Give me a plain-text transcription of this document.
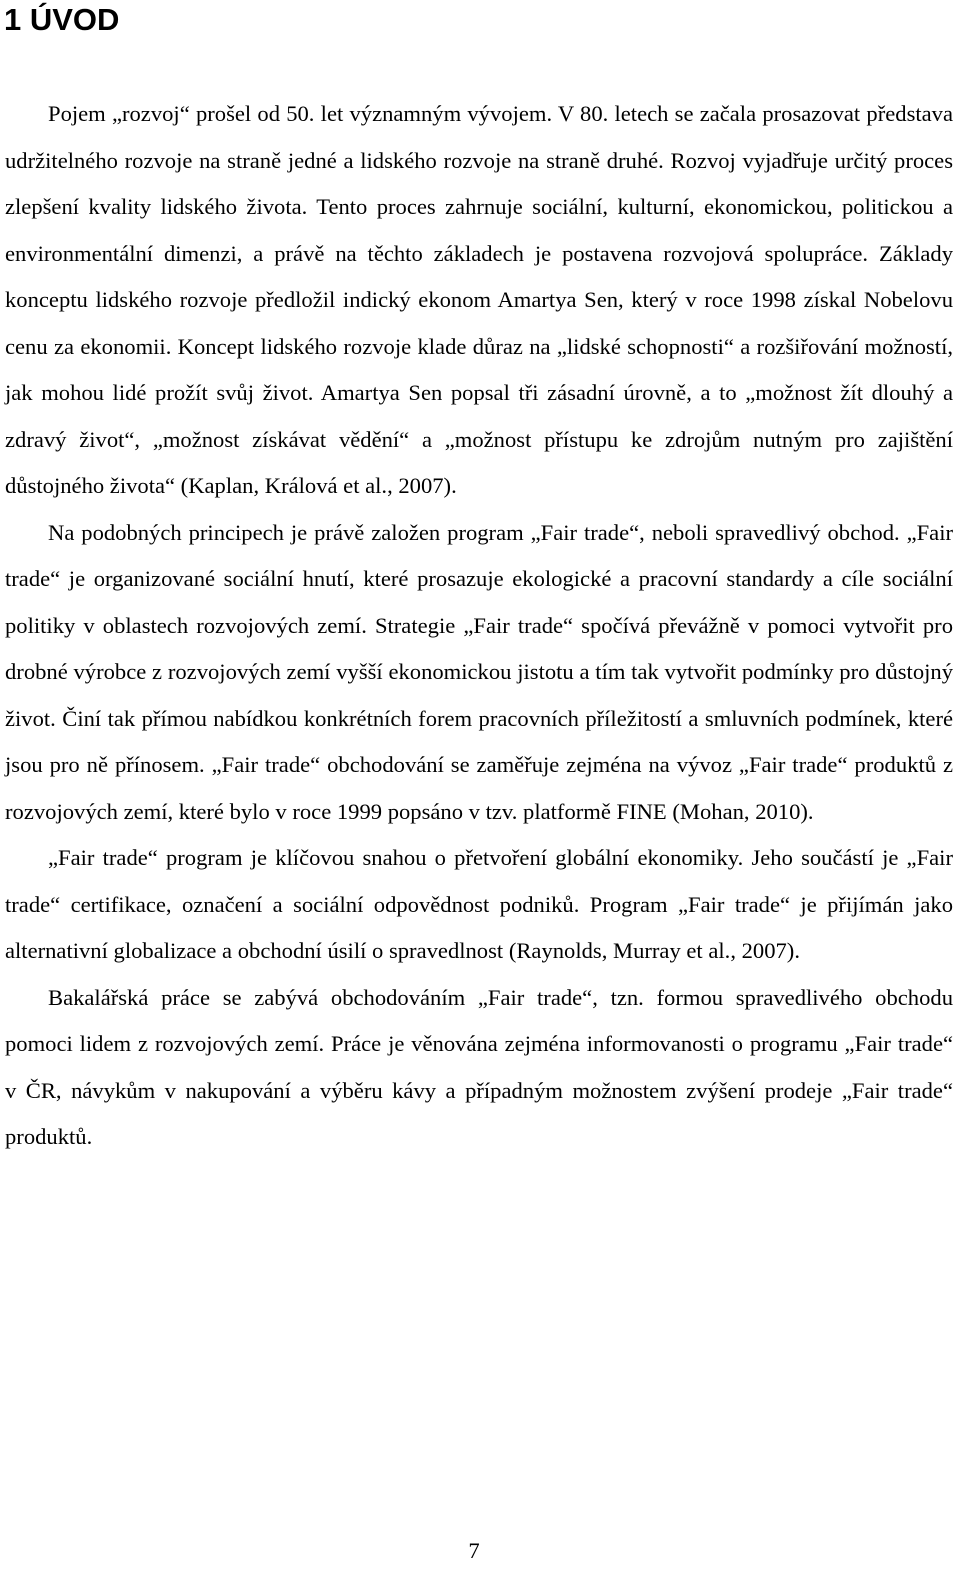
1 ÚVOD

Pojem „rozvoj“ prošel od 50. let významným vývojem. V 80. letech se začala prosazovat představa udržitelného rozvoje na straně jedné a lidského rozvoje na straně druhé. Rozvoj vyjadřuje určitý proces zlepšení kvality lidského života. Tento proces zahrnuje sociální, kulturní, ekonomickou, politickou a environmentální dimenzi, a právě na těchto základech je postavena rozvojová spolupráce. Základy konceptu lidského rozvoje předložil indický ekonom Amartya Sen, který v roce 1998 získal Nobelovu cenu za ekonomii. Koncept lidského rozvoje klade důraz na „lidské schopnosti“ a rozšiřování možností, jak mohou lidé prožít svůj život. Amartya Sen popsal tři zásadní úrovně, a to „možnost žít dlouhý a zdravý život“, „možnost získávat vědění“ a „možnost přístupu ke zdrojům nutným pro zajištění důstojného života“ (Kaplan, Králová et al., 2007).

Na podobných principech je právě založen program „Fair trade“, neboli spravedlivý obchod. „Fair trade“ je organizované sociální hnutí, které prosazuje ekologické a pracovní standardy a cíle sociální politiky v oblastech rozvojových zemí. Strategie „Fair trade“ spočívá převážně v pomoci vytvořit pro drobné výrobce z rozvojových zemí vyšší ekonomickou jistotu a tím tak vytvořit podmínky pro důstojný život. Činí tak přímou nabídkou konkrétních forem pracovních příležitostí a smluvních podmínek, které jsou pro ně přínosem. „Fair trade“ obchodování se zaměřuje zejména na vývoz „Fair trade“ produktů z rozvojových zemí, které bylo v roce 1999 popsáno v tzv. platformě FINE (Mohan, 2010).

„Fair trade“ program je klíčovou snahou o přetvoření globální ekonomiky. Jeho součástí je „Fair trade“ certifikace, označení a sociální odpovědnost podniků. Program „Fair trade“ je přijímán jako alternativní globalizace a obchodní úsilí o spravedlnost (Raynolds, Murray et al., 2007).

Bakalářská práce se zabývá obchodováním „Fair trade“, tzn. formou spravedlivého obchodu pomoci lidem z rozvojových zemí. Práce je věnována zejména informovanosti o programu „Fair trade“ v ČR, návykům v nakupování a výběru kávy a případným možnostem zvýšení prodeje „Fair trade“ produktů.

7
